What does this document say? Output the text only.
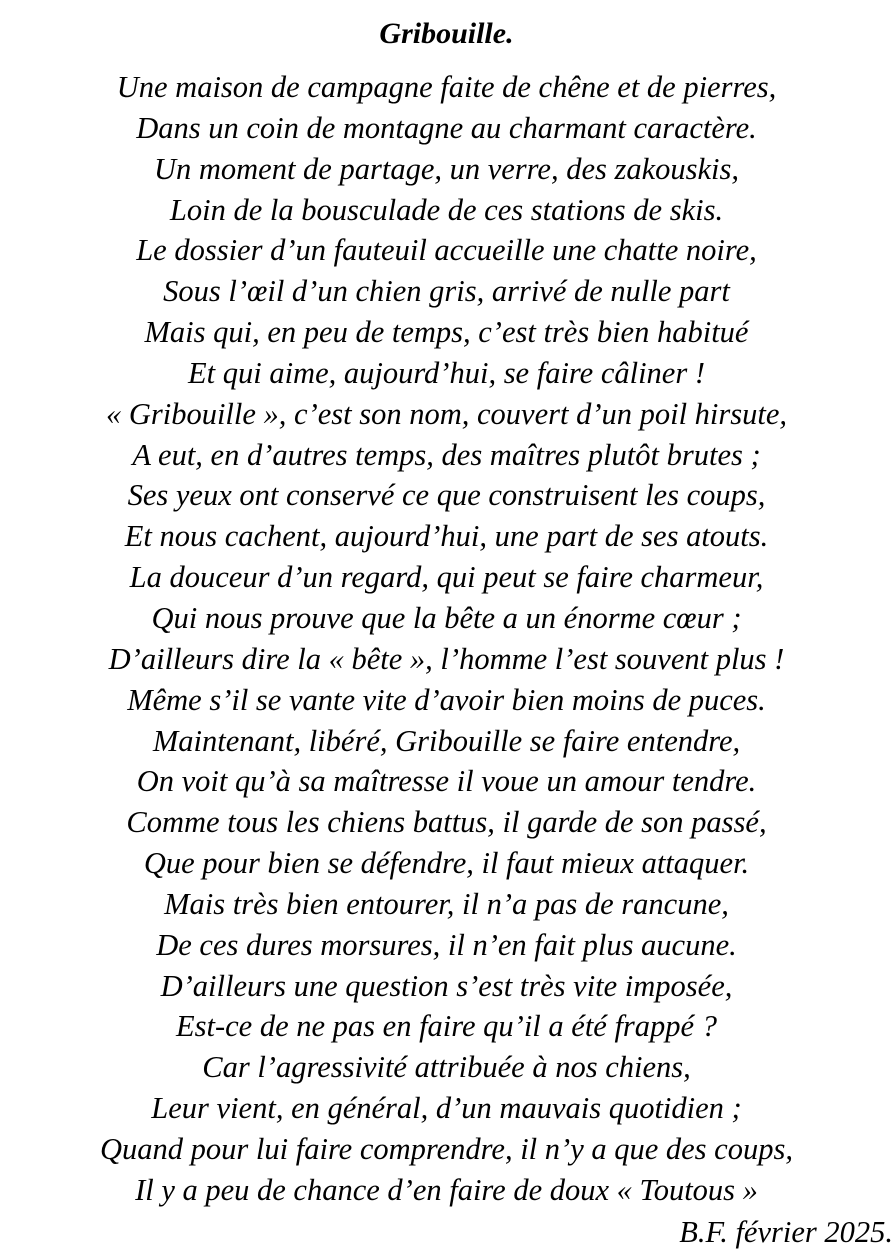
Gribouille.
Une maison de campagne faite de chêne et de pierres,
Dans un coin de montagne au charmant caractère.
Un moment de partage, un verre, des zakouskis,
Loin de la bousculade de ces stations de skis.
Le dossier d’un fauteuil accueille une chatte noire,
Sous l’œil d’un chien gris, arrivé de nulle part
Mais qui, en peu de temps, c’est très bien habitué
Et qui aime, aujourd’hui, se faire câliner !
« Gribouille », c’est son nom, couvert d’un poil hirsute,
A eut, en d’autres temps, des maîtres plutôt brutes ;
Ses yeux ont conservé ce que construisent les coups,
Et nous cachent, aujourd’hui, une part de ses atouts.
La douceur d’un regard, qui peut se faire charmeur,
Qui nous prouve que la bête a un énorme cœur ;
D’ailleurs dire la « bête », l’homme l’est souvent plus !
Même s’il se vante vite d’avoir bien moins de puces.
Maintenant, libéré, Gribouille se faire entendre,
On voit qu’à sa maîtresse il voue un amour tendre.
Comme tous les chiens battus, il garde de son passé,
Que pour bien se défendre, il faut mieux attaquer.
Mais très bien entourer, il n’a pas de rancune,
De ces dures morsures, il n’en fait plus aucune.
D’ailleurs une question s’est très vite imposée,
Est-ce de ne pas en faire qu’il a été frappé ?
Car l’agressivité attribuée à nos chiens,
Leur vient, en général, d’un mauvais quotidien ;
Quand pour lui faire comprendre, il n’y a que des coups,
Il y a peu de chance d’en faire de doux « Toutous »
B.F. février 2025.
